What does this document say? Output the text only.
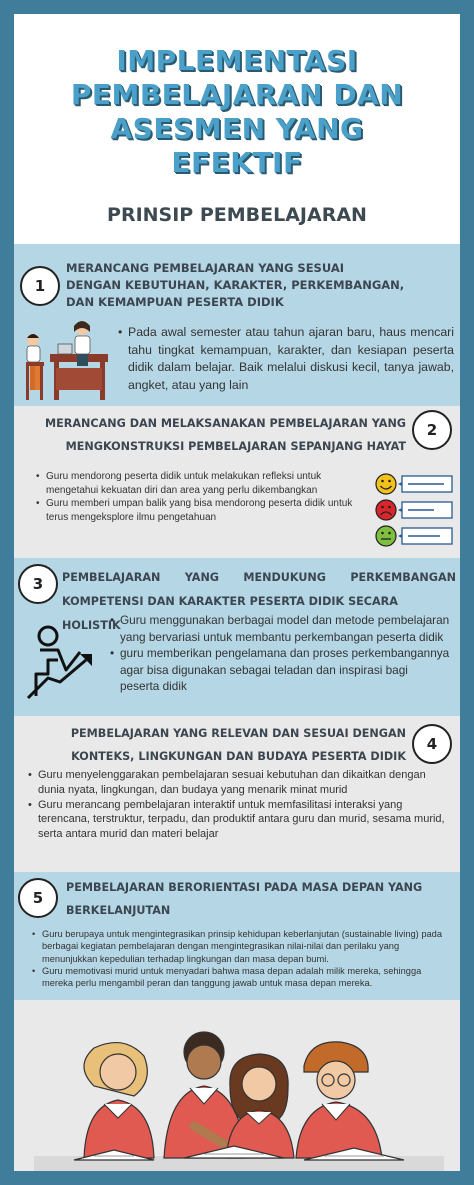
IMPLEMENTASI
PEMBELAJARAN DAN
ASESMEN YANG
EFEKTIF
PRINSIP PEMBELAJARAN
1
MERANCANG PEMBELAJARAN YANG SESUAI
DENGAN KEBUTUHAN, KARAKTER, PERKEMBANGAN,
DAN KEMAMPUAN PESERTA DIDIK
• Pada awal semester atau tahun ajaran baru, haus mencari tahu tingkat kemampuan, karakter, dan kesiapan peserta didik dalam belajar. Baik melalui diskusi kecil, tanya jawab, angket, atau yang lain
MERANCANG DAN MELAKSANAKAN PEMBELAJARAN YANG
MENGKONSTRUKSI PEMBELAJARAN SEPANJANG HAYAT
2
• Guru mendorong peserta didik untuk melakukan refleksi untuk mengetahui kekuatan diri dan area yang perlu dikembangkan
• Guru memberi umpan balik yang bisa mendorong peserta didik untuk terus mengeksplore ilmu pengetahuan
3	PEMBELAJARAN YANG MENDUKUNG PERKEMBANGAN
KOMPETENSI DAN KARAKTER PESERTA DIDIK SECARA HOLISTIK
• Guru menggunakan berbagai model dan metode pembelajaran yang bervariasi untuk membantu perkembangan peserta didik
• guru memberikan pengelamana dan proses perkembangannya agar bisa digunakan sebagai teladan dan inspirasi bagi peserta didik
PEMBELAJARAN YANG RELEVAN DAN SESUAI DENGAN
KONTEKS, LINGKUNGAN DAN BUDAYA PESERTA DIDIK
4
• Guru menyelenggarakan pembelajaran sesuai kebutuhan dan dikaitkan dengan dunia nyata, lingkungan, dan budaya yang menarik minat murid
• Guru merancang pembelajaran interaktif untuk memfasilitasi interaksi yang terencana, terstruktur, terpadu, dan produktif antara guru dan murid, sesama murid, serta antara murid dan materi belajar
5
PEMBELAJARAN BERORIENTASI PADA MASA DEPAN YANG
BERKELANJUTAN
• Guru berupaya untuk mengintegrasikan prinsip kehidupan keberlanjutan (sustainable living) pada berbagai kegiatan pembelajaran dengan mengintegrasikan nilai-nilai dan perilaku yang menunjukkan kepedulian terhadap lingkungan dan masa depan bumi.
• Guru memotivasi murid untuk menyadari bahwa masa depan adalah milik mereka, sehingga mereka perlu mengambil peran dan tanggung jawab untuk masa depan mereka.
